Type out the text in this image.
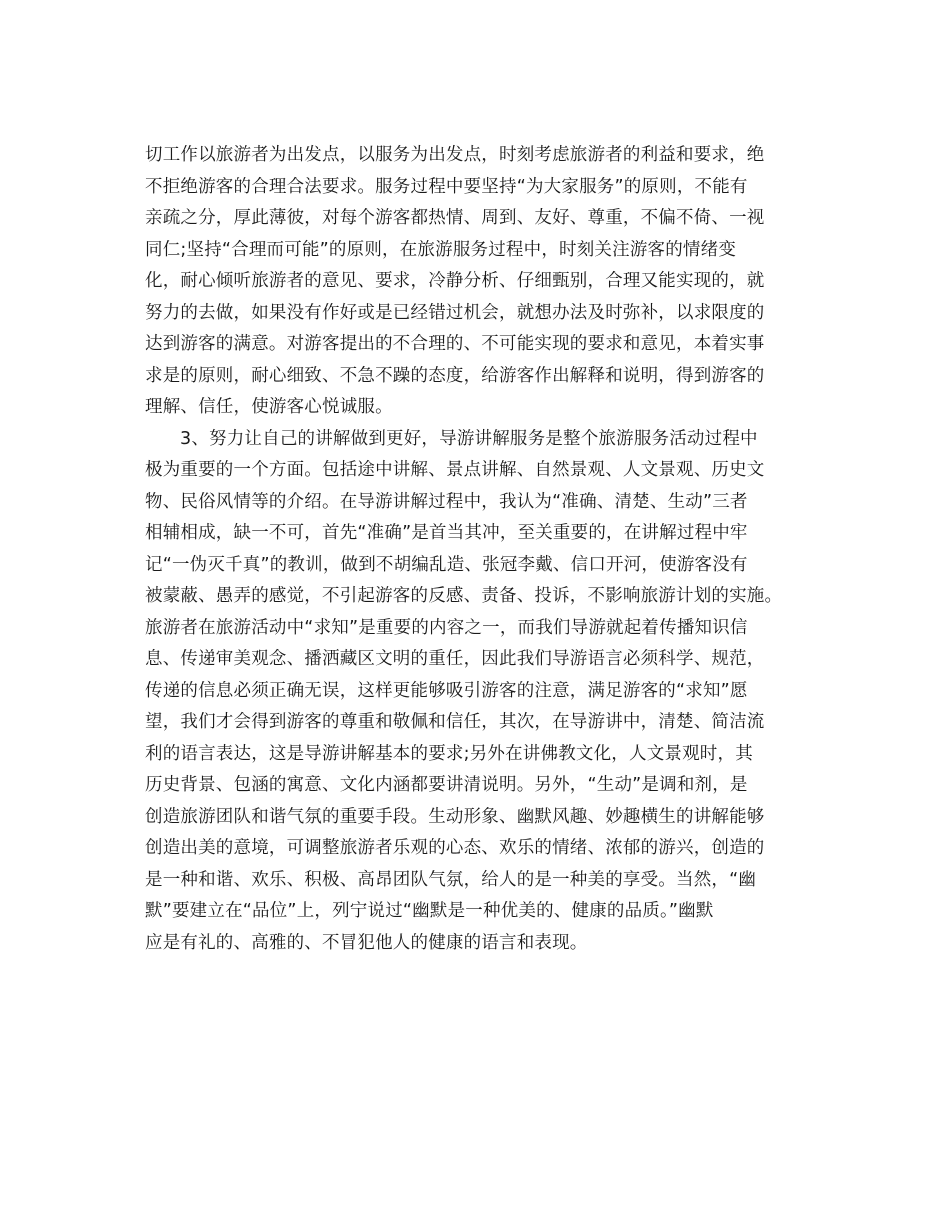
切工作以旅游者为出发点，以服务为出发点，时刻考虑旅游者的利益和要求，绝
不拒绝游客的合理合法要求。服务过程中要坚持“为大家服务”的原则，不能有
亲疏之分，厚此薄彼，对每个游客都热情、周到、友好、尊重，不偏不倚、一视
同仁;坚持“合理而可能”的原则，在旅游服务过程中，时刻关注游客的情绪变
化，耐心倾听旅游者的意见、要求，冷静分析、仔细甄别，合理又能实现的，就
努力的去做，如果没有作好或是已经错过机会，就想办法及时弥补，以求限度的
达到游客的满意。对游客提出的不合理的、不可能实现的要求和意见，本着实事
求是的原则，耐心细致、不急不躁的态度，给游客作出解释和说明，得到游客的
理解、信任，使游客心悦诚服。
3、努力让自己的讲解做到更好，导游讲解服务是整个旅游服务活动过程中
极为重要的一个方面。包括途中讲解、景点讲解、自然景观、人文景观、历史文
物、民俗风情等的介绍。在导游讲解过程中，我认为“准确、清楚、生动”三者
相辅相成，缺一不可，首先“准确”是首当其冲，至关重要的，在讲解过程中牢
记“一伪灭千真”的教训，做到不胡编乱造、张冠李戴、信口开河，使游客没有
被蒙蔽、愚弄的感觉，不引起游客的反感、责备、投诉，不影响旅游计划的实施。
旅游者在旅游活动中“求知”是重要的内容之一，而我们导游就起着传播知识信
息、传递审美观念、播洒藏区文明的重任，因此我们导游语言必须科学、规范，
传递的信息必须正确无误，这样更能够吸引游客的注意，满足游客的“求知”愿
望，我们才会得到游客的尊重和敬佩和信任，其次，在导游讲中，清楚、简洁流
利的语言表达，这是导游讲解基本的要求;另外在讲佛教文化，人文景观时，其
历史背景、包涵的寓意、文化内涵都要讲清说明。另外，“生动”是调和剂，是
创造旅游团队和谐气氛的重要手段。生动形象、幽默风趣、妙趣横生的讲解能够
创造出美的意境，可调整旅游者乐观的心态、欢乐的情绪、浓郁的游兴，创造的
是一种和谐、欢乐、积极、高昂团队气氛，给人的是一种美的享受。当然，“幽
默”要建立在“品位”上，列宁说过“幽默是一种优美的、健康的品质。”幽默
应是有礼的、高雅的、不冒犯他人的健康的语言和表现。
